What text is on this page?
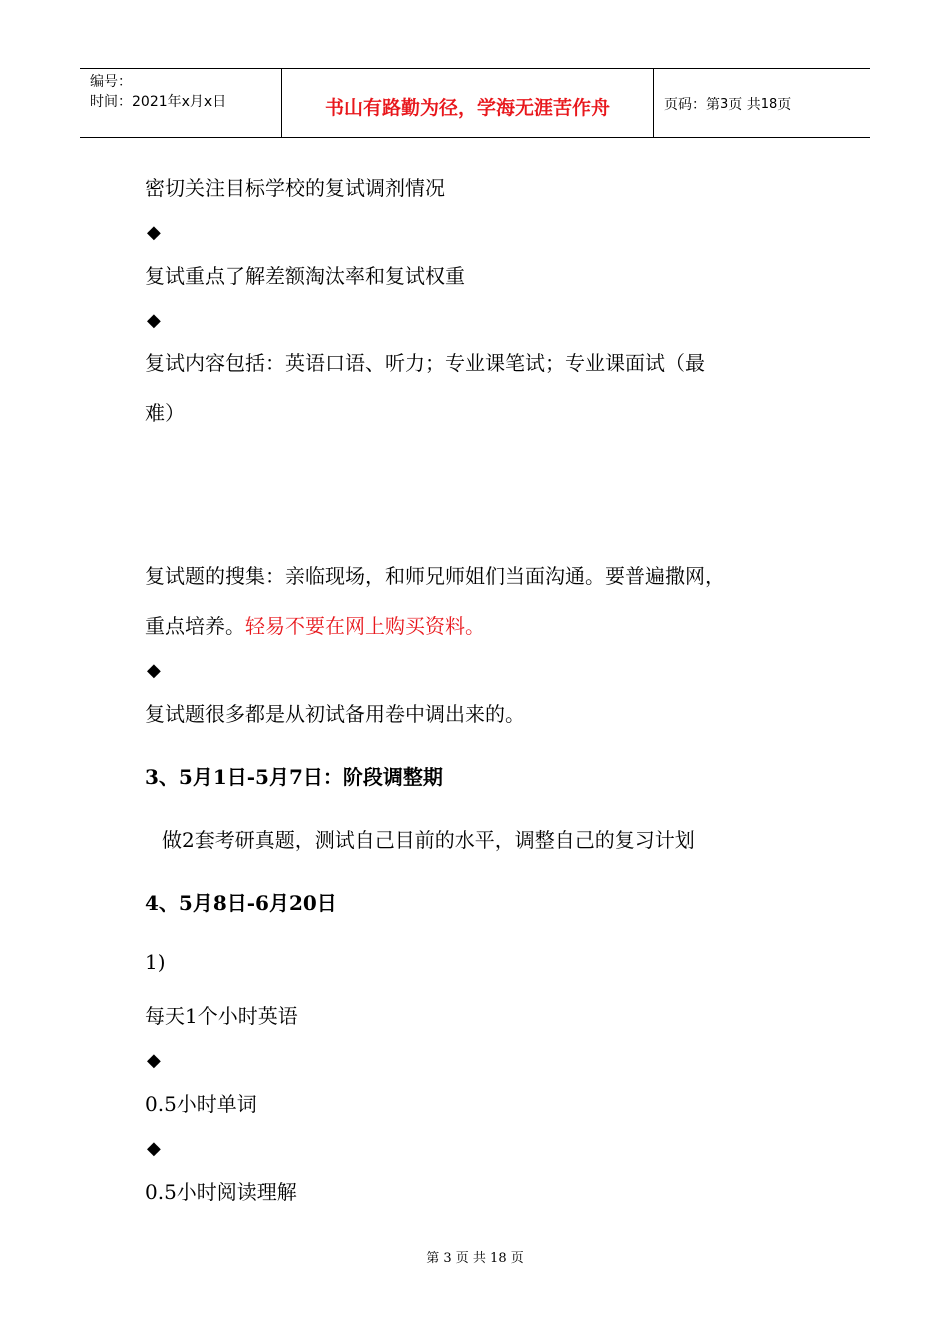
编号：
时间：2021年x月x日	书山有路勤为径，学海无涯苦作舟	页码：第 3 页 共 18 页
密切关注目标学校的复试调剂情况
◆
复试重点了解差额淘汰率和复试权重
◆
复试内容包括：英语口语、听力；专业课笔试；专业课面试（最
难）
复试题的搜集：亲临现场，和师兄师姐们当面沟通。要普遍撒网，
重点培养。轻易不要在网上购买资料。
◆
复试题很多都是从初试备用卷中调出来的。
3、5月1日-5月7日：阶段调整期
做2套考研真题，测试自己目前的水平，调整自己的复习计划
4、5月8日-6月20日
1)
每天1个小时英语
◆
0.5小时单词
◆
0.5小时阅读理解
第 3 页 共 18 页
